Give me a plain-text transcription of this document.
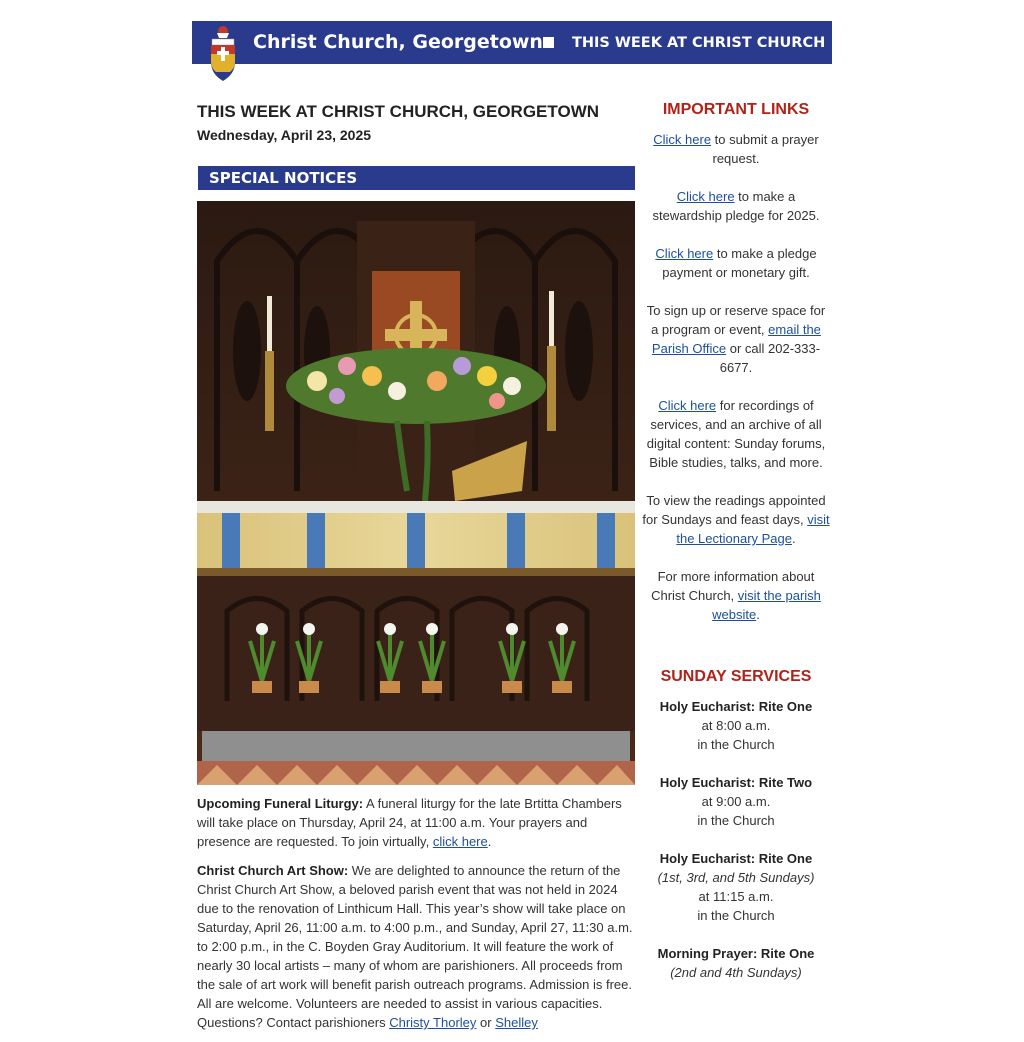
Christ Church, Georgetown THIS WEEK AT CHRIST CHURCH
THIS WEEK AT CHRIST CHURCH, GEORGETOWN
Wednesday, April 23, 2025
SPECIAL NOTICES

Upcoming Funeral Liturgy: A funeral liturgy for the late Brtitta Chambers will take place on Thursday, April 24, at 11:00 a.m. Your prayers and presence are requested. To join virtually, click here.

Christ Church Art Show: We are delighted to announce the return of the Christ Church Art Show, a beloved parish event that was not held in 2024 due to the renovation of Linthicum Hall. This year’s show will take place on Saturday, April 26, 11:00 a.m. to 4:00 p.m., and Sunday, April 27, 11:30 a.m. to 2:00 p.m., in the C. Boyden Gray Auditorium. It will feature the work of nearly 30 local artists – many of whom are parishioners. All proceeds from the sale of art work will benefit parish outreach programs. Admission is free. All are welcome. Volunteers are needed to assist in various capacities. Questions? Contact parishioners Christy Thorley or Shelley

IMPORTANT LINKS

Click here to submit a prayer request.

Click here to make a stewardship pledge for 2025.

Click here to make a pledge payment or monetary gift.

To sign up or reserve space for a program or event, email the Parish Office or call 202-333-6677.

Click here for recordings of services, and an archive of all digital content: Sunday forums, Bible studies, talks, and more.

To view the readings appointed for Sundays and feast days, visit the Lectionary Page.

For more information about Christ Church, visit the parish website.

SUNDAY SERVICES
Holy Eucharist: Rite One
at 8:00 a.m.
in the Church
Holy Eucharist: Rite Two
at 9:00 a.m.
in the Church
Holy Eucharist: Rite One
(1st, 3rd, and 5th Sundays)
at 11:15 a.m.
in the Church
Morning Prayer: Rite One
(2nd and 4th Sundays)
